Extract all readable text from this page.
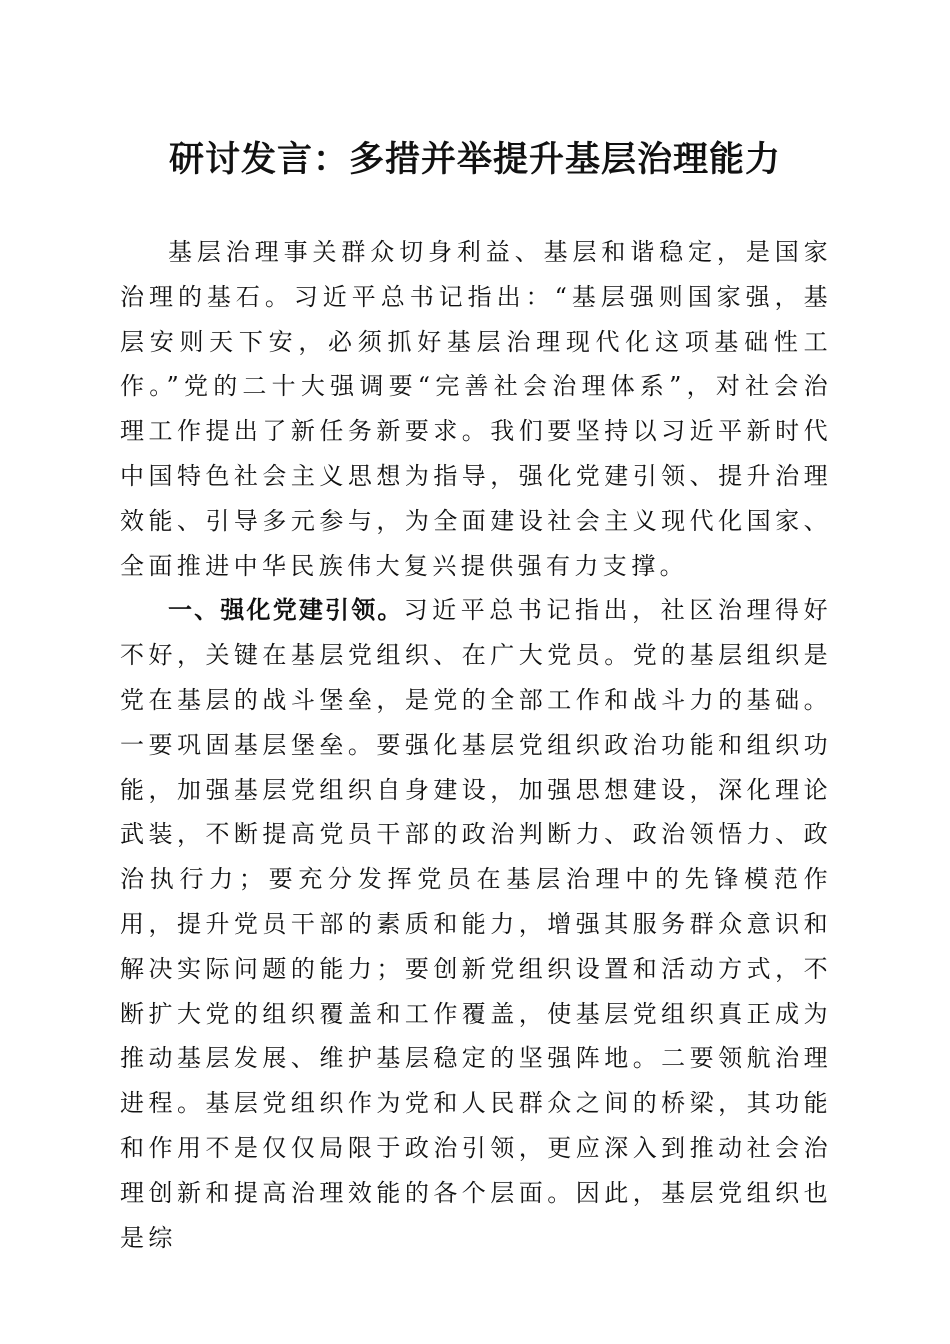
研讨发言：多措并举提升基层治理能力

基层治理事关群众切身利益、基层和谐稳定，是国家治理的基石。习近平总书记指出：“基层强则国家强，基层安则天下安，必须抓好基层治理现代化这项基础性工作。”党的二十大强调要“完善社会治理体系”，对社会治理工作提出了新任务新要求。我们要坚持以习近平新时代中国特色社会主义思想为指导，强化党建引领、提升治理效能、引导多元参与，为全面建设社会主义现代化国家、全面推进中华民族伟大复兴提供强有力支撑。

一、强化党建引领。习近平总书记指出，社区治理得好不好，关键在基层党组织、在广大党员。党的基层组织是党在基层的战斗堡垒，是党的全部工作和战斗力的基础。一要巩固基层堡垒。要强化基层党组织政治功能和组织功能，加强基层党组织自身建设，加强思想建设，深化理论武装，不断提高党员干部的政治判断力、政治领悟力、政治执行力；要充分发挥党员在基层治理中的先锋模范作用，提升党员干部的素质和能力，增强其服务群众意识和解决实际问题的能力；要创新党组织设置和活动方式，不断扩大党的组织覆盖和工作覆盖，使基层党组织真正成为推动基层发展、维护基层稳定的坚强阵地。二要领航治理进程。基层党组织作为党和人民群众之间的桥梁，其功能和作用不是仅仅局限于政治引领，更应深入到推动社会治理创新和提高治理效能的各个层面。因此，基层党组织也是综
